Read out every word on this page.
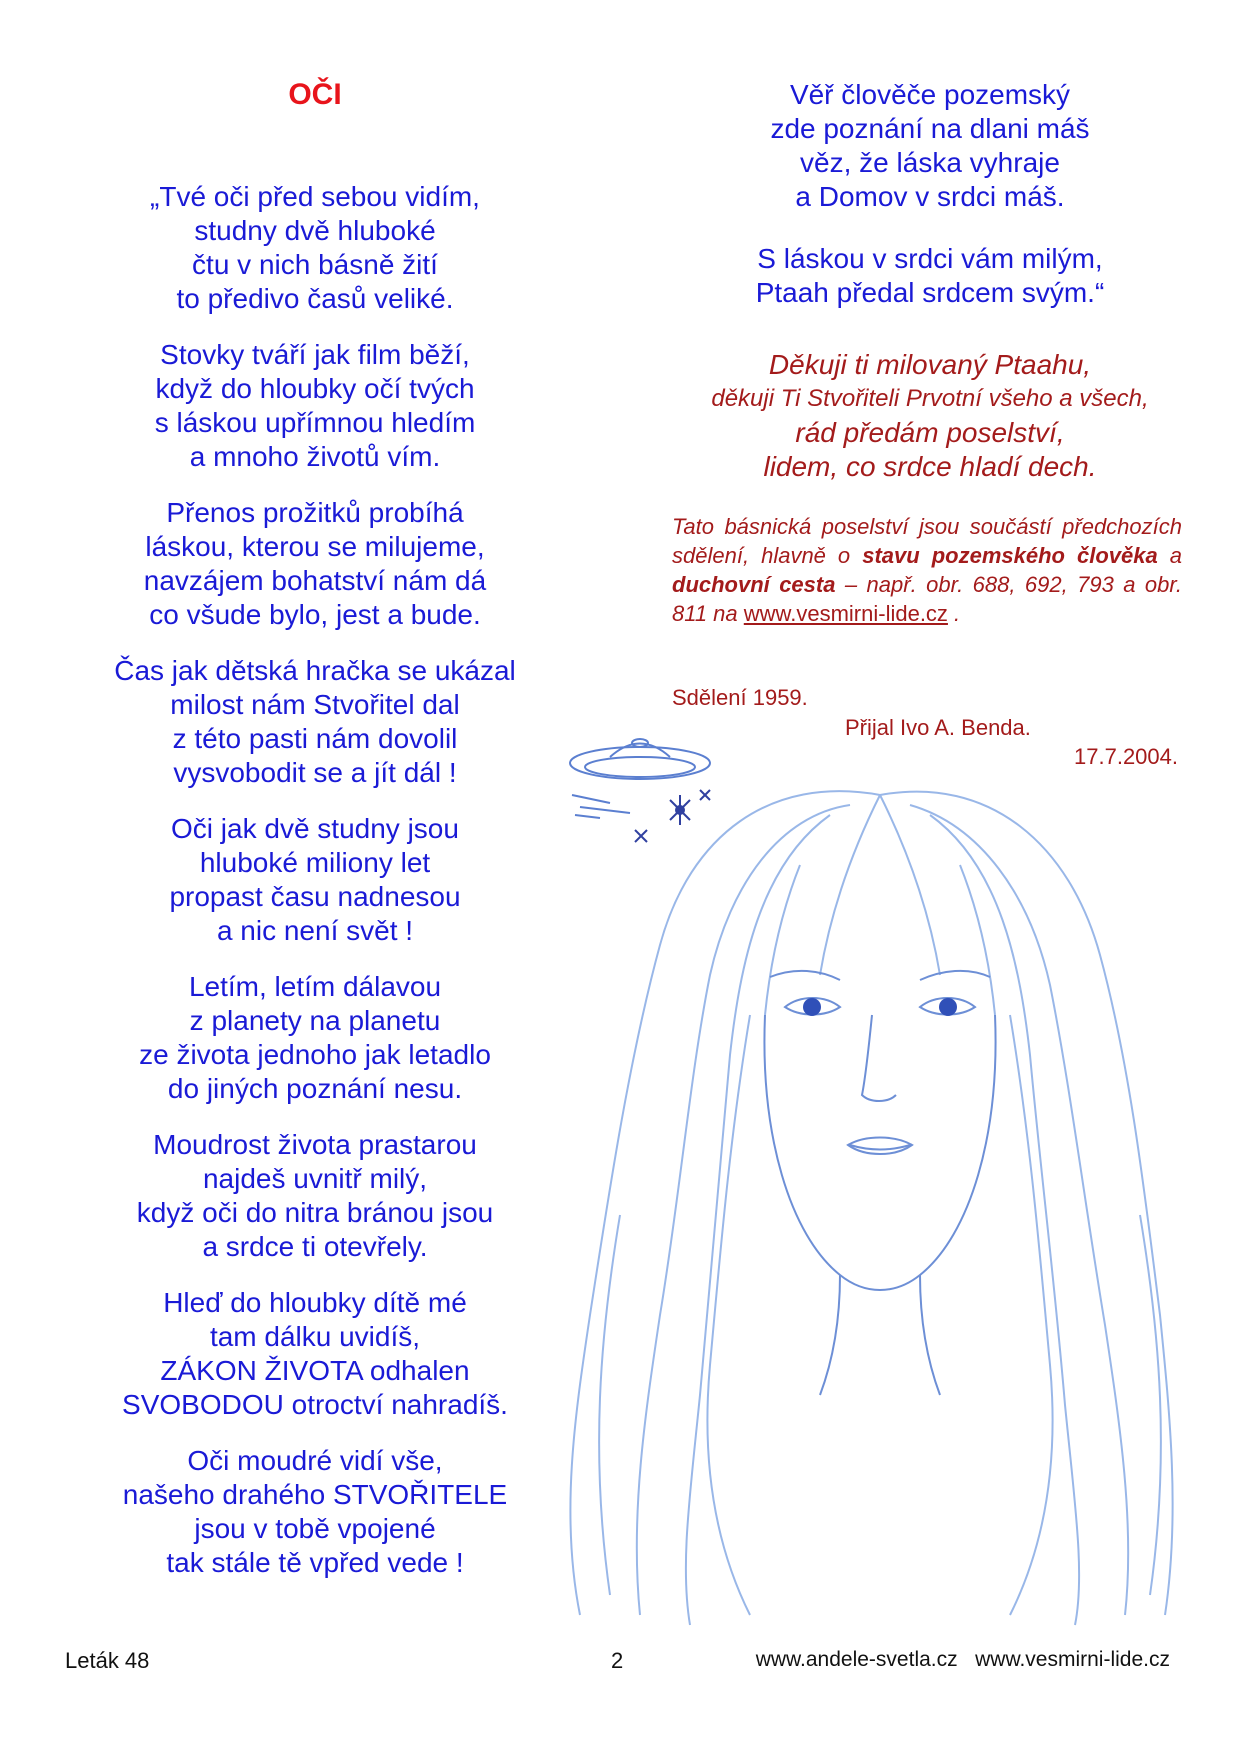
OČI
„Tvé oči před sebou vidím,
studny dvě hluboké
čtu v nich básně žití
to předivo časů veliké.
Stovky tváří jak film běží,
když do hloubky očí tvých
s láskou upřímnou hledím
a mnoho životů vím.
Přenos prožitků probíhá
láskou, kterou se milujeme,
navzájem bohatství nám dá
co všude bylo, jest a bude.
Čas jak dětská hračka se ukázal
milost nám Stvořitel dal
z této pasti nám dovolil
vysvobodit se a jít dál !
Oči jak dvě studny jsou
hluboké miliony let
propast času nadnesou
a nic není svět !
Letím, letím dálavou
z planety na planetu
ze života jednoho jak letadlo
do jiných poznání nesu.
Moudrost života prastarou
najdeš uvnitř milý,
když oči do nitra bránou jsou
a srdce ti otevřely.
Hleď do hloubky dítě mé
tam dálku uvidíš,
ZÁKON ŽIVOTA odhalen
SVOBODOU otroctví nahradíš.
Oči moudré vidí vše,
našeho drahého STVOŘITELE
jsou v tobě vpojené
tak stále tě vpřed vede !
Věř člověče pozemský
zde poznání na dlani máš
věz, že láska vyhraje
a Domov v srdci máš.
S láskou v srdci vám milým,
Ptaah předal srdcem svým.“
Děkuji ti milovaný Ptaahu,
děkuji Ti Stvořiteli Prvotní všeho a všech,
rád předám poselství,
lidem, co srdce hladí dech.
Tato básnická poselství jsou součástí předchozích sdělení, hlavně o stavu pozemského člověka a duchovní cesta – např. obr. 688, 692, 793 a obr. 811 na www.vesmirni-lide.cz .
Sdělení 1959.
Přijal Ivo A. Benda.
17.7.2004.
Leták 48	2	www.andele-svetla.cz   www.vesmirni-lide.cz
